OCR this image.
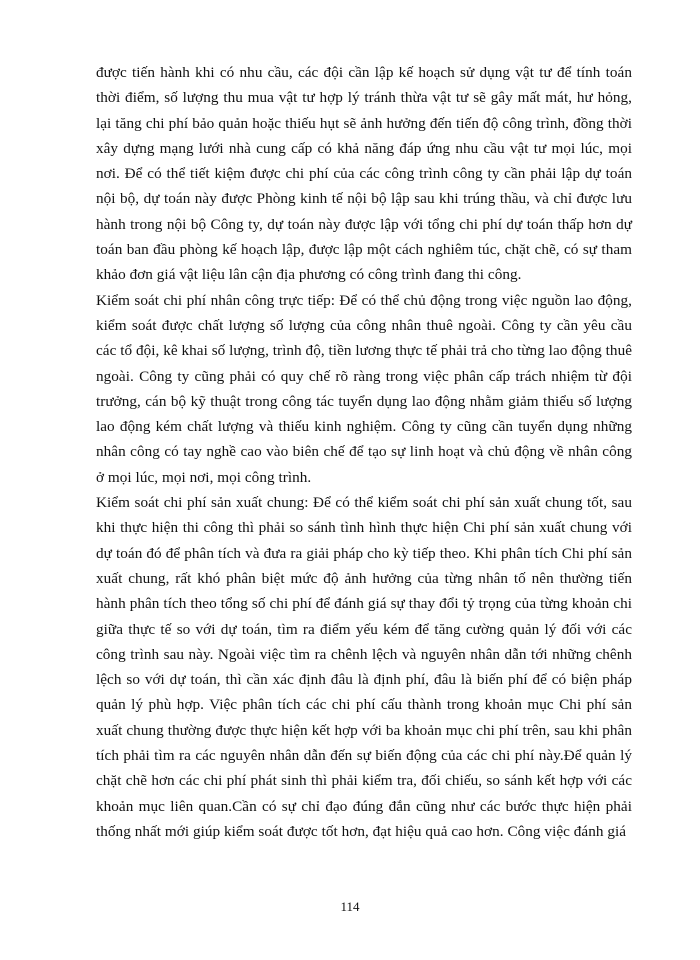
được tiến hành khi có nhu cầu, các đội cần lập kế hoạch sử dụng vật tư để tính toán thời điểm, số lượng thu mua vật tư hợp lý tránh thừa vật tư sẽ gây mất mát, hư hỏng, lại tăng chi phí bảo quản hoặc thiếu hụt sẽ ảnh hưởng đến tiến độ công trình, đồng thời xây dựng mạng lưới nhà cung cấp có khả năng đáp ứng nhu cầu vật tư mọi lúc, mọi nơi. Để có thể tiết kiệm được chi phí của các công trình công ty cần phải lập dự toán nội bộ, dự toán này được Phòng kinh tế nội bộ lập sau khi trúng thầu, và chỉ được lưu hành trong nội bộ Công ty, dự toán này được lập với tổng chi phí dự toán thấp hơn dự toán ban đầu phòng kế hoạch lập, được lập một cách nghiêm túc, chặt chẽ, có sự tham khảo đơn giá vật liệu lân cận địa phương có công trình đang thi công.

Kiểm soát chi phí nhân công trực tiếp: Để có thể chủ động trong việc nguồn lao động, kiểm soát được chất lượng số lượng của công nhân thuê ngoài. Công ty cần yêu cầu các tổ đội, kê khai số lượng, trình độ, tiền lương thực tế phải trả cho từng lao động thuê ngoài. Công ty cũng phải có quy chế rõ ràng trong việc phân cấp trách nhiệm từ đội trưởng, cán bộ kỹ thuật trong công tác tuyển dụng lao động nhằm giảm thiểu số lượng lao động kém chất lượng và thiếu kinh nghiệm. Công ty cũng cần tuyển dụng những nhân công có tay nghề cao vào biên chế để tạo sự linh hoạt và chủ động về nhân công ở mọi lúc, mọi nơi, mọi công trình.

Kiểm soát chi phí sản xuất chung: Để có thể kiểm soát chi phí sản xuất chung tốt, sau khi thực hiện thi công thì phải so sánh tình hình thực hiện Chi phí sản xuất chung với dự toán đó để phân tích và đưa ra giải pháp cho kỳ tiếp theo. Khi phân tích Chi phí sản xuất chung, rất khó phân biệt mức độ ảnh hưởng của từng nhân tố nên thường tiến hành phân tích theo tổng số chi phí để đánh giá sự thay đổi tỷ trọng của từng khoản chi giữa thực tế so với dự toán, tìm ra điểm yếu kém để tăng cường quản lý đối với các công trình sau này. Ngoài việc tìm ra chênh lệch và nguyên nhân dẫn tới những chênh lệch so với dự toán, thì cần xác định đâu là định phí, đâu là biến phí để có biện pháp quản lý phù hợp. Việc phân tích các chi phí cấu thành trong khoản mục Chi phí sản xuất chung thường được thực hiện kết hợp với ba khoản mục chi phí trên, sau khi phân tích phải tìm ra các nguyên nhân dẫn đến sự biến động của các chi phí này.Để quản lý chặt chẽ hơn các chi phí phát sinh thì phải kiểm tra, đối chiếu, so sánh kết hợp với các khoản mục liên quan.Cần có sự chỉ đạo đúng đắn cũng như các bước thực hiện phải thống nhất mới giúp kiểm soát được tốt hơn, đạt hiệu quả cao hơn. Công việc đánh giá

114
